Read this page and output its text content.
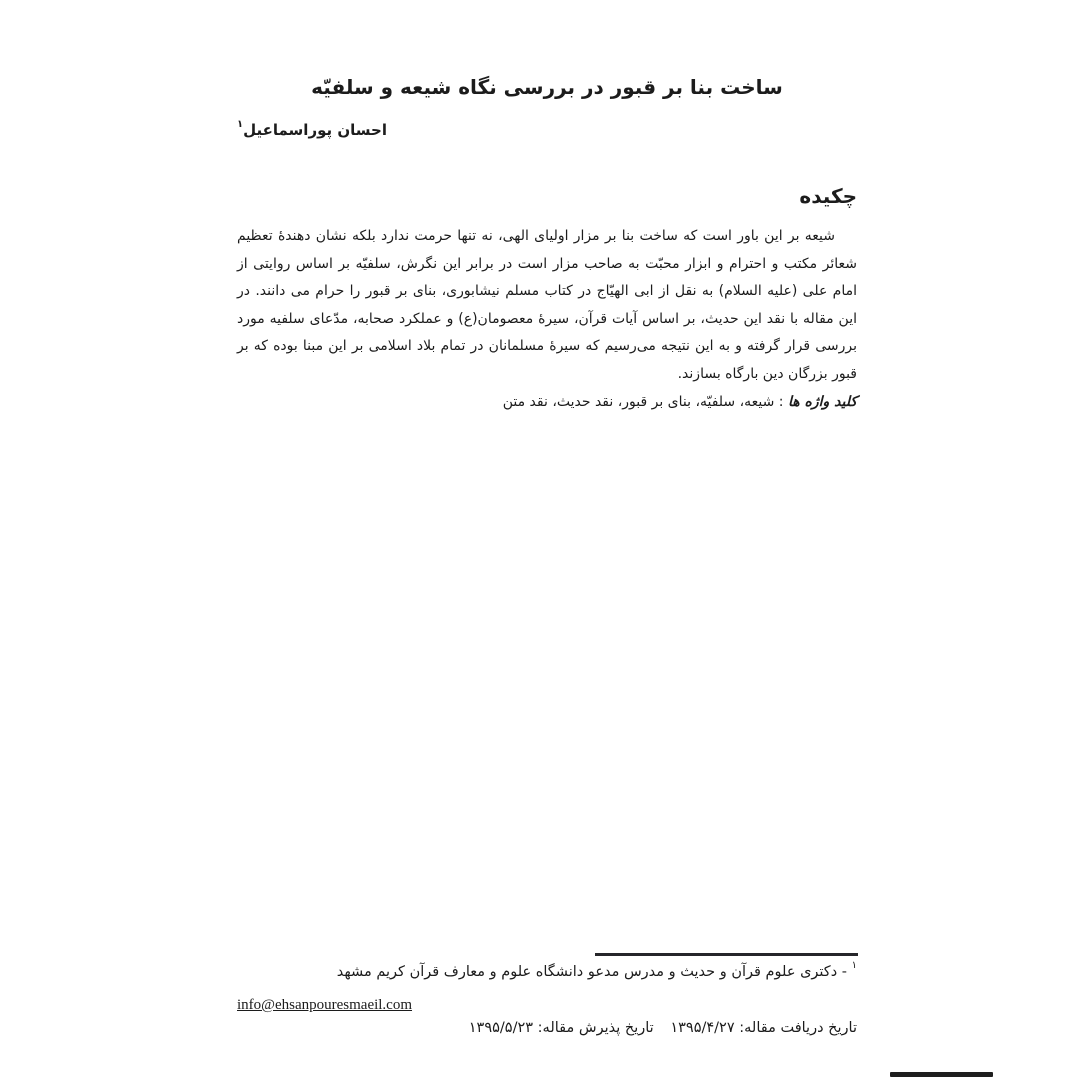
ساخت بنا بر قبور در بررسی نگاه شیعه و سلفیّه
احسان پوراسماعیل$^۱$
چکیده

شیعه بر این باور است که ساخت بنا بر مزار اولیای الهی، نه تنها حرمت ندارد بلکه نشان دهندهٔ تعظیم شعائر مکتب و احترام و ابزار محبّت به صاحب مزار است در برابر این نگرش، سلفیّه بر اساس روایتی از امام علی (علیه السلام) به نقل از ابی الهیّاج در کتاب مسلم نیشابوری، بنای بر قبور را حرام می دانند. در این مقاله با نقد این حدیث، بر اساس آیات قرآن، سیرهٔ معصومان(ع) و عملکرد صحابه، مدّعای سلفیه مورد بررسی قرار گرفته و به این نتیجه می‌رسیم که سیرهٔ مسلمانان در تمام بلاد اسلامی بر این مبنا بوده که بر قبور بزرگان دین بارگاه بسازند.

کلید واژه ها : شیعه، سلفیّه، بنای بر قبور، نقد حدیث، نقد متن

$^۱$ - دکتری علوم قرآن و حدیث و مدرس مدعو دانشگاه علوم و معارف قرآن کریم مشهد

info@ehsanpouresmaeil.com

تاریخ دریافت مقاله: ۱۳۹۵/۴/۲۷ تاریخ پذیرش مقاله: ۱۳۹۵/۵/۲۳
